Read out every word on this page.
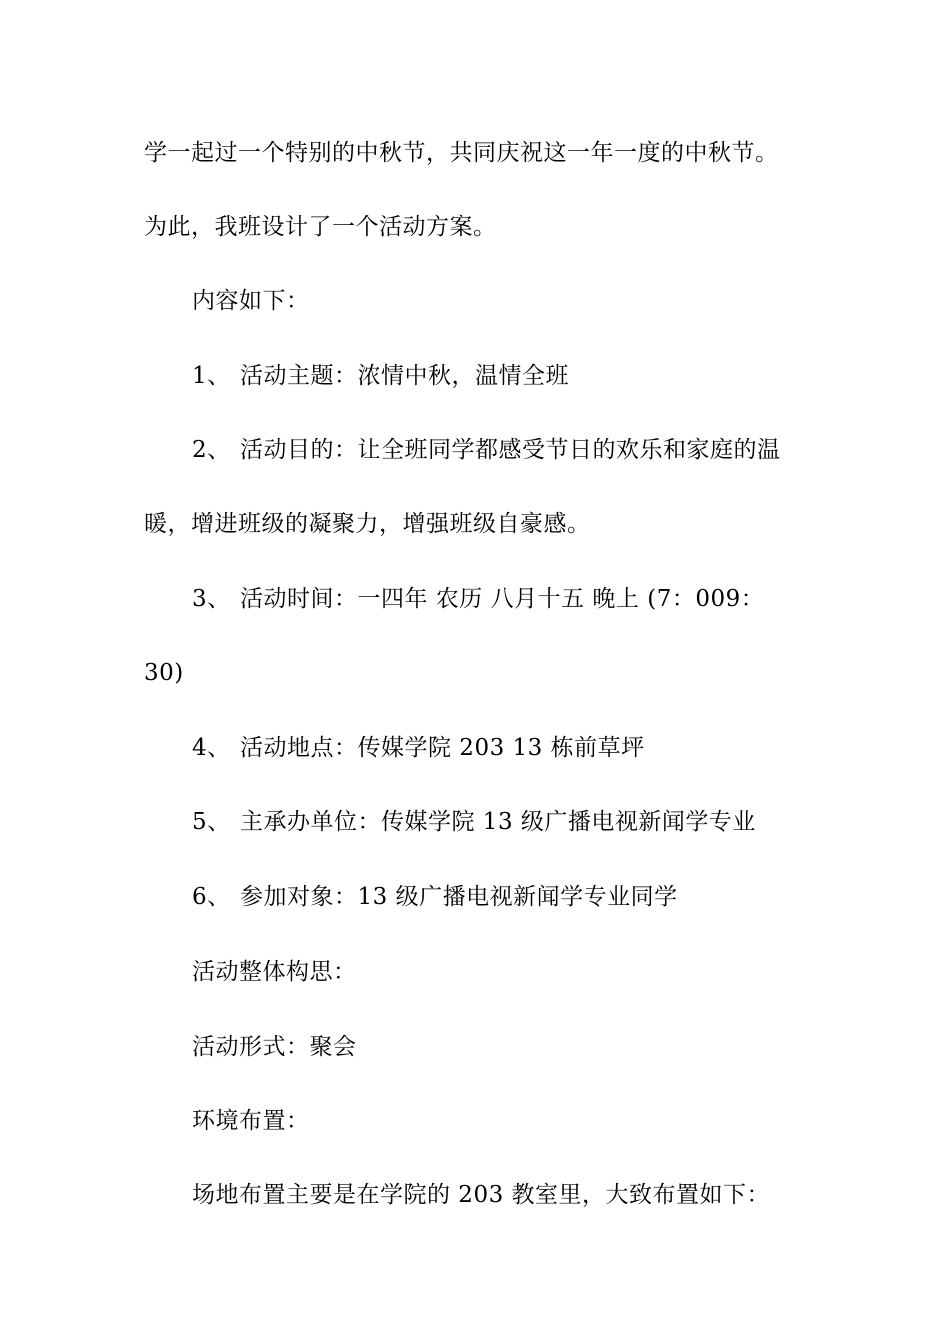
学一起过一个特别的中秋节，共同庆祝这一年一度的中秋节。
为此，我班设计了一个活动方案。
内容如下：
1、 活动主题：浓情中秋，温情全班
2、 活动目的：让全班同学都感受节日的欢乐和家庭的温
暖，增进班级的凝聚力，增强班级自豪感。
3、 活动时间：一四年 农历 八月十五 晚上 (7：009：
30)
4、 活动地点：传媒学院 203 13 栋前草坪
5、 主承办单位：传媒学院 13 级广播电视新闻学专业
6、 参加对象：13 级广播电视新闻学专业同学
活动整体构思：
活动形式：聚会
环境布置：
场地布置主要是在学院的 203 教室里，大致布置如下：
